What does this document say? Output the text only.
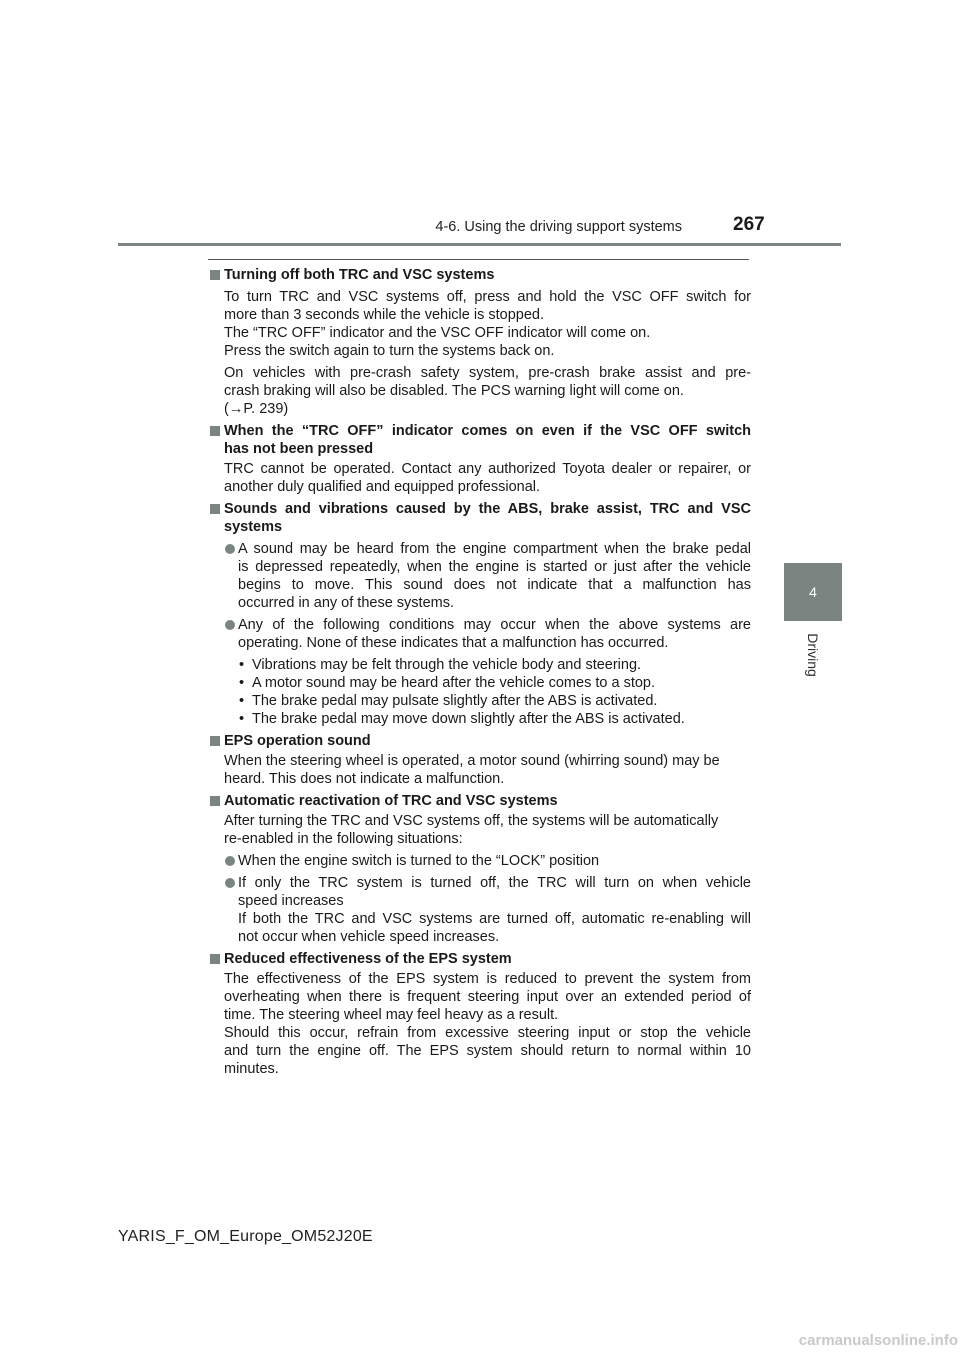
4-6. Using the driving support systems	267
4
Driving
Turning off both TRC and VSC systems
To turn TRC and VSC systems off, press and hold the VSC OFF switch for
more than 3 seconds while the vehicle is stopped.
The “TRC OFF” indicator and the VSC OFF indicator will come on.
Press the switch again to turn the systems back on.
On vehicles with pre-crash safety system, pre-crash brake assist and pre-
crash braking will also be disabled. The PCS warning light will come on.
(→P. 239)
When the “TRC OFF” indicator comes on even if the VSC OFF switch
has not been pressed
TRC cannot be operated. Contact any authorized Toyota dealer or repairer, or
another duly qualified and equipped professional.
Sounds and vibrations caused by the ABS, brake assist, TRC and VSC
systems
A sound may be heard from the engine compartment when the brake pedal
is depressed repeatedly, when the engine is started or just after the vehicle
begins to move. This sound does not indicate that a malfunction has
occurred in any of these systems.
Any of the following conditions may occur when the above systems are
operating. None of these indicates that a malfunction has occurred.
• Vibrations may be felt through the vehicle body and steering.
• A motor sound may be heard after the vehicle comes to a stop.
• The brake pedal may pulsate slightly after the ABS is activated.
• The brake pedal may move down slightly after the ABS is activated.
EPS operation sound
When the steering wheel is operated, a motor sound (whirring sound) may be
heard. This does not indicate a malfunction.
Automatic reactivation of TRC and VSC systems
After turning the TRC and VSC systems off, the systems will be automatically
re-enabled in the following situations:
When the engine switch is turned to the “LOCK” position
If only the TRC system is turned off, the TRC will turn on when vehicle
speed increases
If both the TRC and VSC systems are turned off, automatic re-enabling will
not occur when vehicle speed increases.
Reduced effectiveness of the EPS system
The effectiveness of the EPS system is reduced to prevent the system from
overheating when there is frequent steering input over an extended period of
time. The steering wheel may feel heavy as a result.
Should this occur, refrain from excessive steering input or stop the vehicle
and turn the engine off. The EPS system should return to normal within 10
minutes.
YARIS_F_OM_Europe_OM52J20E
carmanualsonline.info
